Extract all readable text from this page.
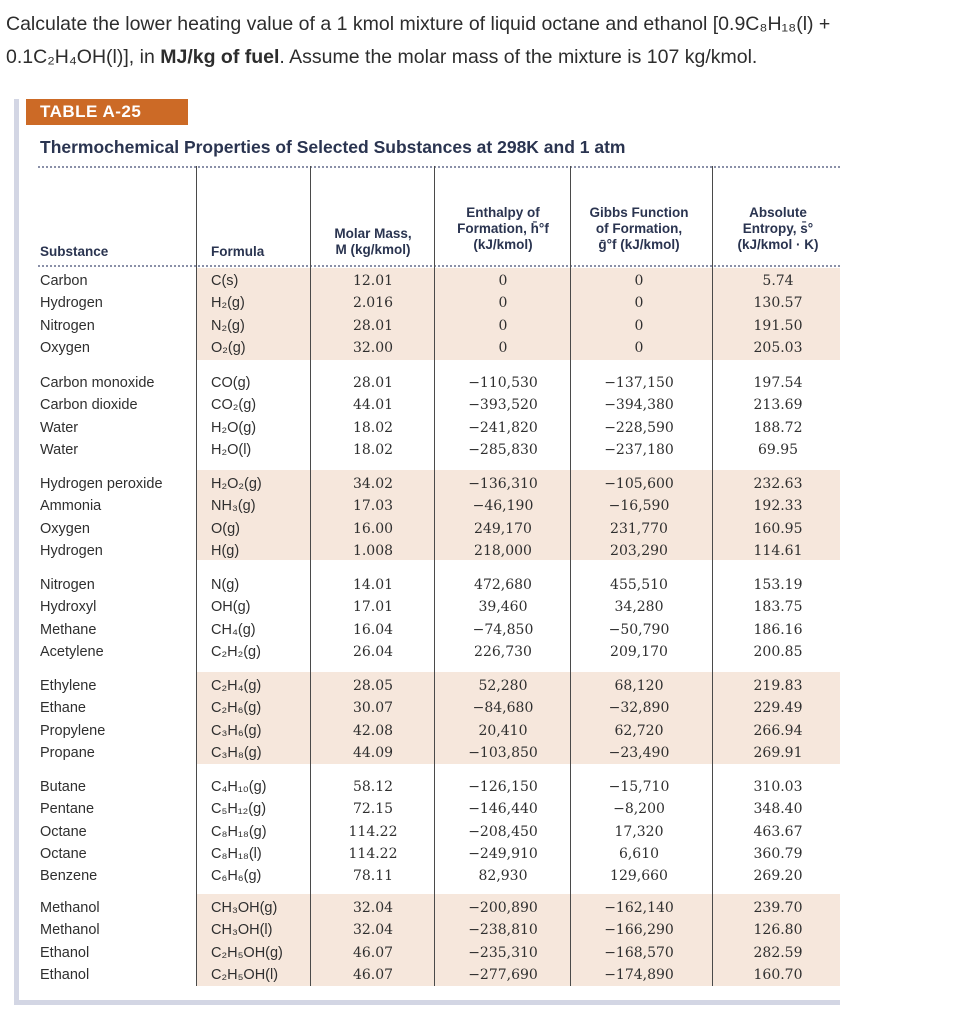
Calculate the lower heating value of a 1 kmol mixture of liquid octane and ethanol [0.9C₈H₁₈(l) +
0.1C₂H₄OH(l)], in MJ/kg of fuel. Assume the molar mass of the mixture is 107 kg/kmol.
TABLE A-25
Thermochemical Properties of Selected Substances at 298K and 1 atm
Substance	Formula
Molar Mass,
M (kg/kmol)
Enthalpy of
Formation, h̄°f
(kJ/kmol)
Gibbs Function
of Formation,
ḡ°f (kJ/kmol)
Absolute
Entropy, s̄°
(kJ/kmol · K)
Carbon	C(s)	12.01	0	0	5.74
Hydrogen	H₂(g)	2.016	0	0	130.57
Nitrogen	N₂(g)	28.01	0	0	191.50
Oxygen	O₂(g)	32.00	0	0	205.03
Carbon monoxide	CO(g)	28.01	−110,530	−137,150	197.54
Carbon dioxide	CO₂(g)	44.01	−393,520	−394,380	213.69
Water	H₂O(g)	18.02	−241,820	−228,590	188.72
Water	H₂O(l)	18.02	−285,830	−237,180	69.95
Hydrogen peroxide	H₂O₂(g)	34.02	−136,310	−105,600	232.63
Ammonia	NH₃(g)	17.03	−46,190	−16,590	192.33
Oxygen	O(g)	16.00	249,170	231,770	160.95
Hydrogen	H(g)	1.008	218,000	203,290	114.61
Nitrogen	N(g)	14.01	472,680	455,510	153.19
Hydroxyl	OH(g)	17.01	39,460	34,280	183.75
Methane	CH₄(g)	16.04	−74,850	−50,790	186.16
Acetylene	C₂H₂(g)	26.04	226,730	209,170	200.85
Ethylene	C₂H₄(g)	28.05	52,280	68,120	219.83
Ethane	C₂H₆(g)	30.07	−84,680	−32,890	229.49
Propylene	C₃H₆(g)	42.08	20,410	62,720	266.94
Propane	C₃H₈(g)	44.09	−103,850	−23,490	269.91
Butane	C₄H₁₀(g)	58.12	−126,150	−15,710	310.03
Pentane	C₅H₁₂(g)	72.15	−146,440	−8,200	348.40
Octane	C₈H₁₈(g)	114.22	−208,450	17,320	463.67
Octane	C₈H₁₈(l)	114.22	−249,910	6,610	360.79
Benzene	C₆H₆(g)	78.11	82,930	129,660	269.20
Methanol	CH₃OH(g)	32.04	−200,890	−162,140	239.70
Methanol	CH₃OH(l)	32.04	−238,810	−166,290	126.80
Ethanol	C₂H₅OH(g)	46.07	−235,310	−168,570	282.59
Ethanol	C₂H₅OH(l)	46.07	−277,690	−174,890	160.70
